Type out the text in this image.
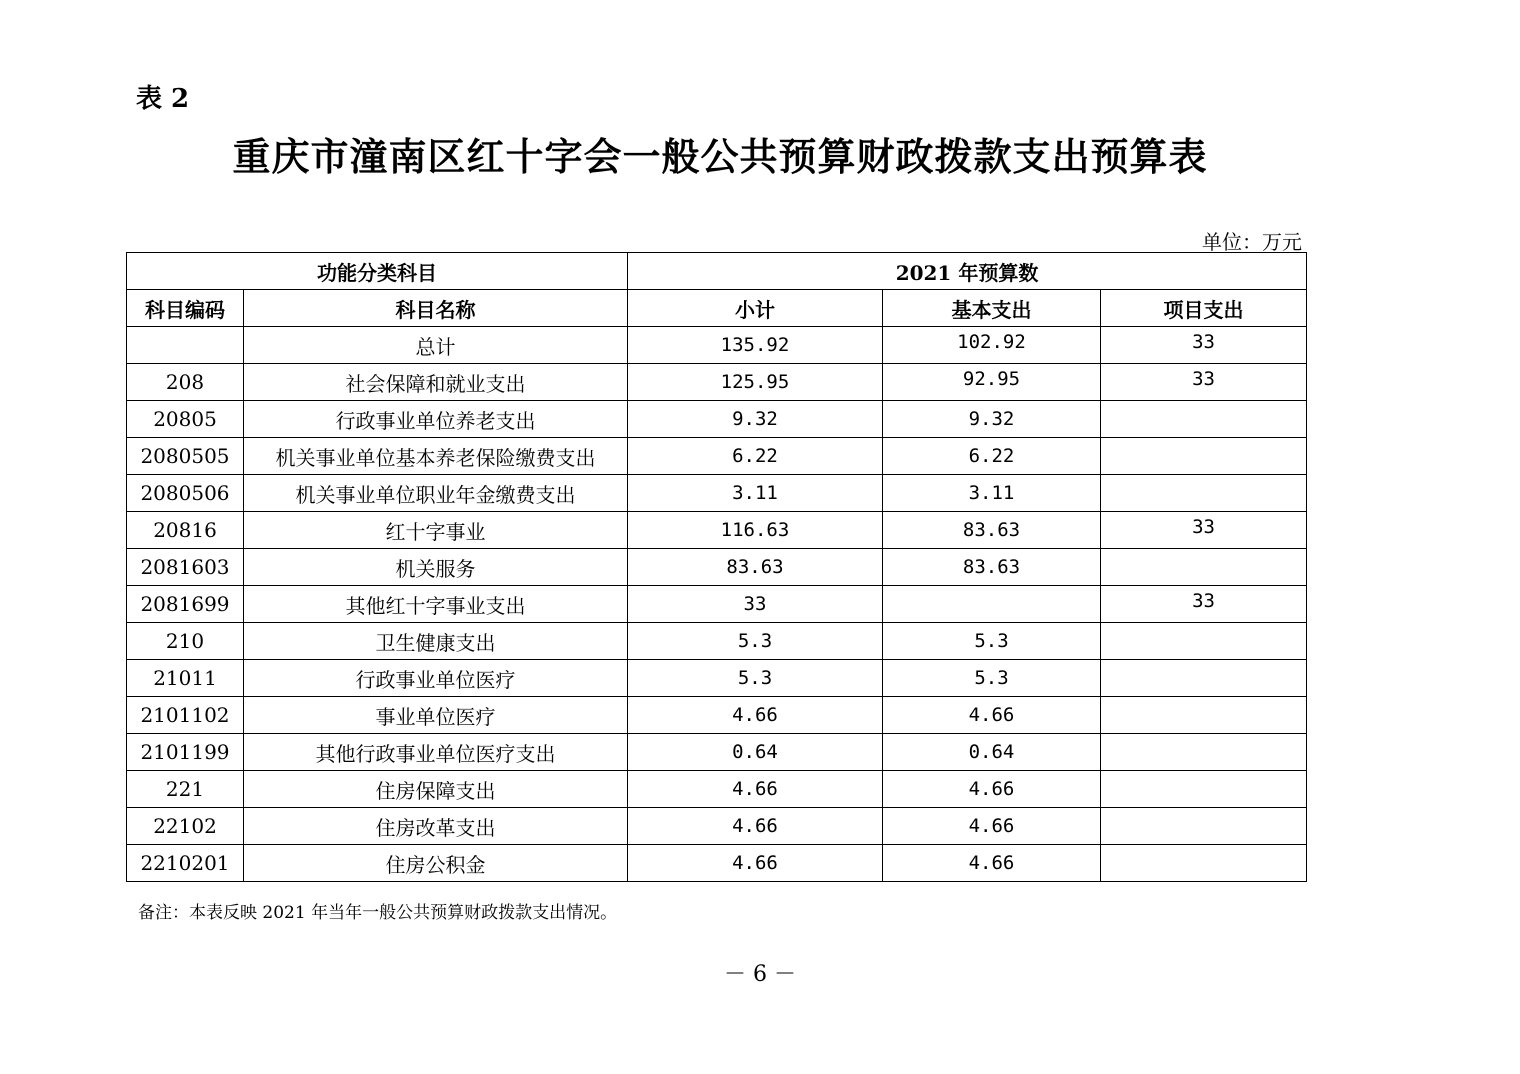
表 2
重庆市潼南区红十字会一般公共预算财政拨款支出预算表
单位：万元
功能分类科目		2021 年预算数		
科目编码	科目名称	小计	基本支出	项目支出
	总计	135.92	102.92	33
208	社会保障和就业支出	125.95	92.95	33
20805	行政事业单位养老支出	9.32	9.32	
2080505	机关事业单位基本养老保险缴费支出	6.22	6.22	
2080506	机关事业单位职业年金缴费支出	3.11	3.11	
20816	红十字事业	116.63	83.63	33
2081603	机关服务	83.63	83.63	
2081699	其他红十字事业支出	33		33
210	卫生健康支出	5.3	5.3	
21011	行政事业单位医疗	5.3	5.3	
2101102	事业单位医疗	4.66	4.66	
2101199	其他行政事业单位医疗支出	0.64	0.64	
221	住房保障支出	4.66	4.66	
22102	住房改革支出	4.66	4.66	
2210201	住房公积金	4.66	4.66	
备注：本表反映 2021 年当年一般公共预算财政拨款支出情况。
－ 6 －
